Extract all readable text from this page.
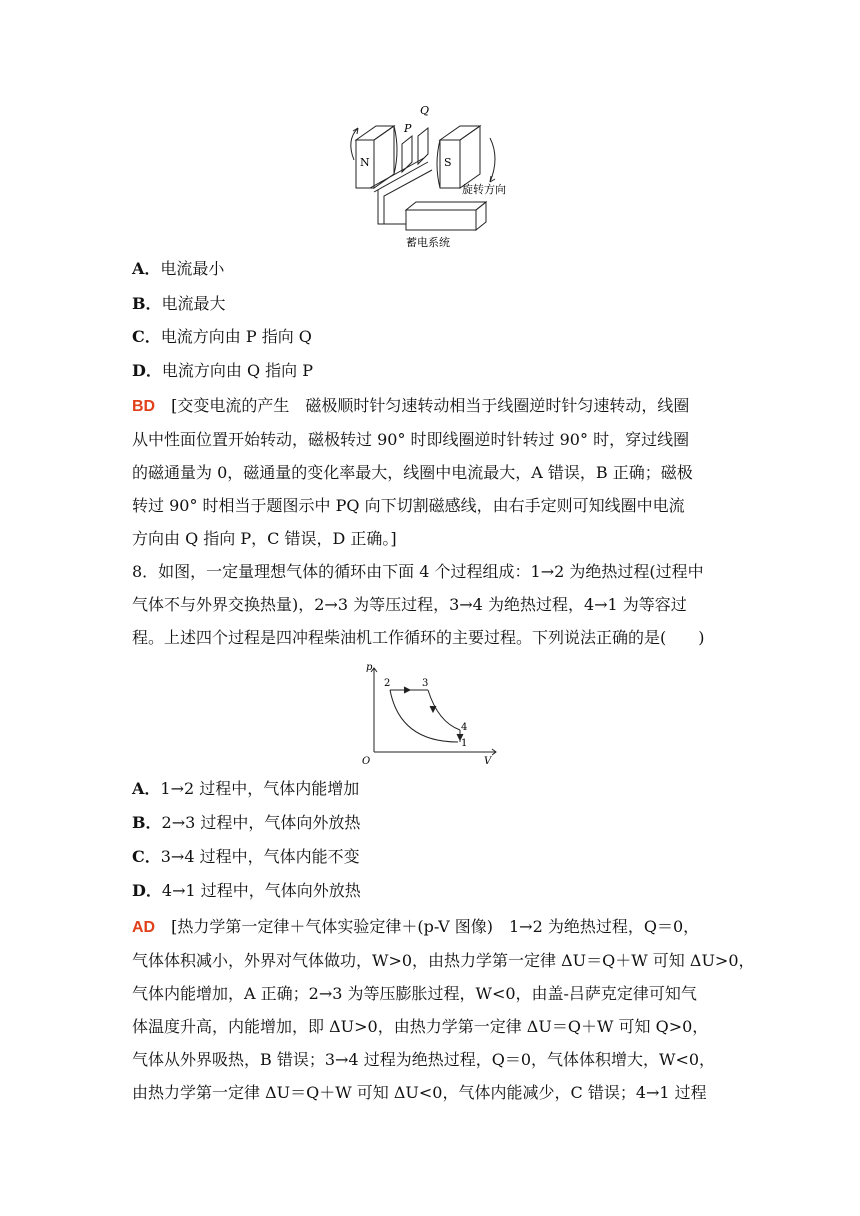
Q
P
N	S
旋转方向
蓄电系统
A．电流最小
B．电流最大
C．电流方向由 P 指向 Q
D．电流方向由 Q 指向 P
BD　 [交变电流的产生　磁极顺时针匀速转动相当于线圈逆时针匀速转动，线圈
从中性面位置开始转动，磁极转过 90° 时即线圈逆时针转过 90° 时，穿过线圈
的磁通量为 0，磁通量的变化率最大，线圈中电流最大，A 错误，B 正确；磁极
转过 90° 时相当于题图示中 PQ 向下切割磁感线，由右手定则可知线圈中电流
方向由 Q 指向 P，C 错误，D 正确。]
8．如图，一定量理想气体的循环由下面 4 个过程组成：1→2 为绝热过程(过程中
气体不与外界交换热量)，2→3 为等压过程，3→4 为绝热过程，4→1 为等容过
程。上述四个过程是四冲程柴油机工作循环的主要过程。下列说法正确的是(　　)
p
V
O
2	3
4
1
A．1→2 过程中，气体内能增加
B．2→3 过程中，气体向外放热
C．3→4 过程中，气体内能不变
D．4→1 过程中，气体向外放热
AD　 [热力学第一定律＋气体实验定律＋(p-V 图像)　1→2 为绝热过程，Q＝0，
气体体积减小，外界对气体做功，W>0，由热力学第一定律 ΔU＝Q＋W 可知 ΔU>0，
气体内能增加，A 正确；2→3 为等压膨胀过程，W<0，由盖-吕萨克定律可知气
体温度升高，内能增加，即 ΔU>0，由热力学第一定律 ΔU＝Q＋W 可知 Q>0，
气体从外界吸热，B 错误；3→4 过程为绝热过程，Q＝0，气体体积增大，W<0，
由热力学第一定律 ΔU＝Q＋W 可知 ΔU<0，气体内能减少，C 错误；4→1 过程
